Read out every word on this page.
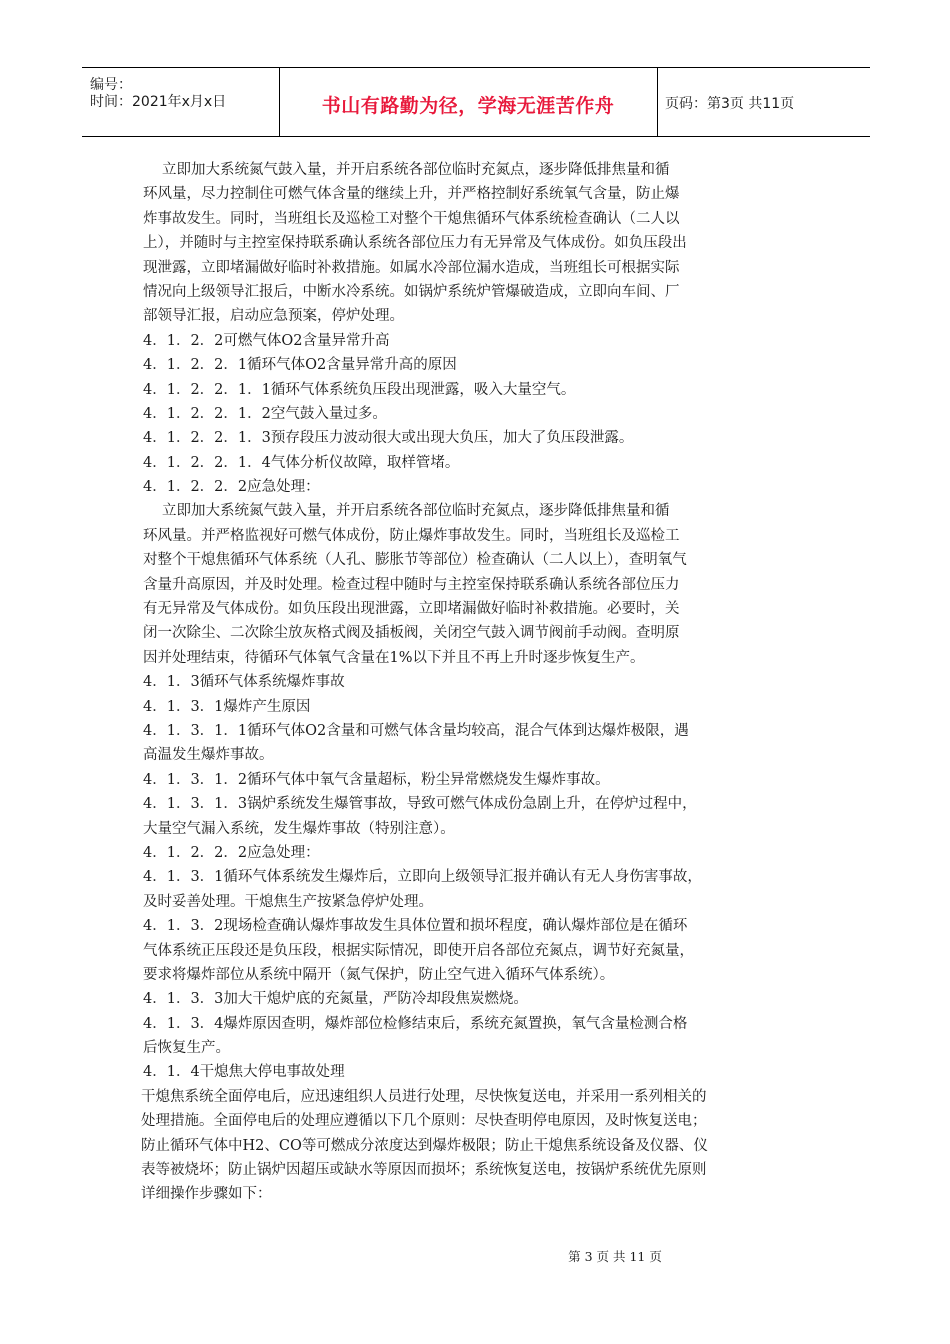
编号：
时间：2021年x月x日	书山有路勤为径，学海无涯苦作舟	页码：第3页 共11页
立即加大系统氮气鼓入量，并开启系统各部位临时充氮点，逐步降低排焦量和循
环风量，尽力控制住可燃气体含量的继续上升，并严格控制好系统氧气含量，防止爆
炸事故发生。同时，当班组长及巡检工对整个干熄焦循环气体系统检查确认（二人以
上），并随时与主控室保持联系确认系统各部位压力有无异常及气体成份。如负压段出
现泄露，立即堵漏做好临时补救措施。如属水冷部位漏水造成，当班组长可根据实际
情况向上级领导汇报后，中断水冷系统。如锅炉系统炉管爆破造成，立即向车间、厂
部领导汇报，启动应急预案，停炉处理。
4．1．2．2可燃气体O2含量异常升高
4．1．2．2．1循环气体O2含量异常升高的原因
4．1．2．2．1．1循环气体系统负压段出现泄露，吸入大量空气。
4．1．2．2．1．2空气鼓入量过多。
4．1．2．2．1．3预存段压力波动很大或出现大负压，加大了负压段泄露。
4．1．2．2．1．4气体分析仪故障，取样管堵。
4．1．2．2．2应急处理：
立即加大系统氮气鼓入量，并开启系统各部位临时充氮点，逐步降低排焦量和循
环风量。并严格监视好可燃气体成份，防止爆炸事故发生。同时，当班组长及巡检工
对整个干熄焦循环气体系统（人孔、膨胀节等部位）检查确认（二人以上），查明氧气
含量升高原因，并及时处理。检查过程中随时与主控室保持联系确认系统各部位压力
有无异常及气体成份。如负压段出现泄露，立即堵漏做好临时补救措施。必要时，关
闭一次除尘、二次除尘放灰格式阀及插板阀，关闭空气鼓入调节阀前手动阀。查明原
因并处理结束，待循环气体氧气含量在1%以下并且不再上升时逐步恢复生产。
4．1．3循环气体系统爆炸事故
4．1．3．1爆炸产生原因
4．1．3．1．1循环气体O2含量和可燃气体含量均较高，混合气体到达爆炸极限，遇
高温发生爆炸事故。
4．1．3．1．2循环气体中氧气含量超标，粉尘异常燃烧发生爆炸事故。
4．1．3．1．3锅炉系统发生爆管事故，导致可燃气体成份急剧上升，在停炉过程中，
大量空气漏入系统，发生爆炸事故（特别注意）。
4．1．2．2．2应急处理：
4．1．3．1循环气体系统发生爆炸后，立即向上级领导汇报并确认有无人身伤害事故，
及时妥善处理。干熄焦生产按紧急停炉处理。
4．1．3．2现场检查确认爆炸事故发生具体位置和损坏程度，确认爆炸部位是在循环
气体系统正压段还是负压段，根据实际情况，即使开启各部位充氮点，调节好充氮量，
要求将爆炸部位从系统中隔开（氮气保护，防止空气进入循环气体系统）。
4．1．3．3加大干熄炉底的充氮量，严防冷却段焦炭燃烧。
4．1．3．4爆炸原因查明，爆炸部位检修结束后，系统充氮置换，氧气含量检测合格
后恢复生产。
4．1．4干熄焦大停电事故处理
干熄焦系统全面停电后，应迅速组织人员进行处理，尽快恢复送电，并采用一系列相关的
处理措施。全面停电后的处理应遵循以下几个原则：尽快查明停电原因，及时恢复送电；
防止循环气体中H2、CO等可燃成分浓度达到爆炸极限；防止干熄焦系统设备及仪器、仪
表等被烧坏；防止锅炉因超压或缺水等原因而损坏；系统恢复送电，按锅炉系统优先原则
详细操作步骤如下：
第 3 页 共 11 页
